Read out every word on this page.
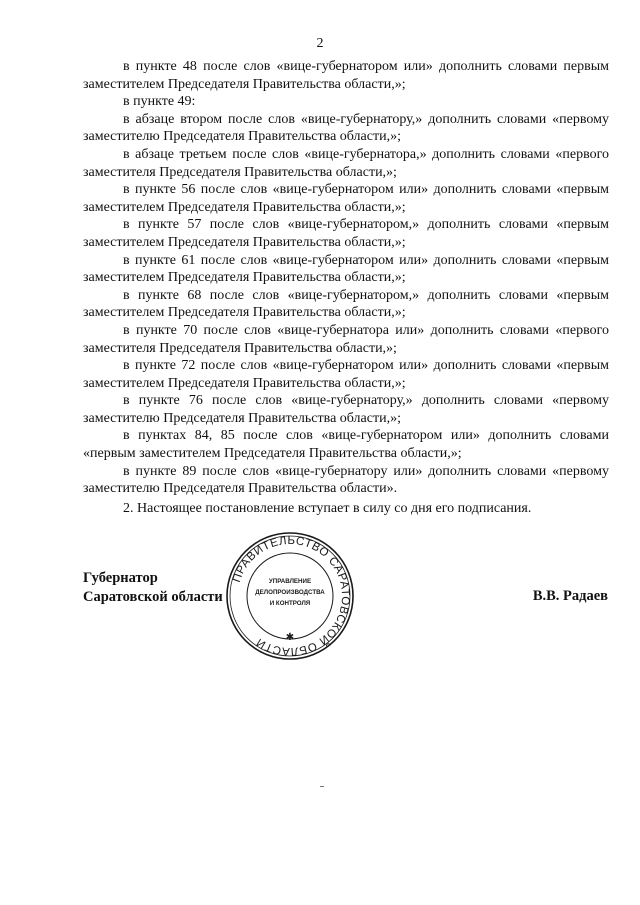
2

в пункте 48 после слов «вице-губернатором или» дополнить словами первым заместителем Председателя Правительства области,»;

в пункте 49:

в абзаце втором после слов «вице-губернатору,» дополнить словами «первому заместителю Председателя Правительства области,»;

в абзаце третьем после слов «вице-губернатора,» дополнить словами «первого заместителя Председателя Правительства области,»;

в пункте 56 после слов «вице-губернатором или» дополнить словами «первым заместителем Председателя Правительства области,»;

в пункте 57 после слов «вице-губернатором,» дополнить словами «первым заместителем Председателя Правительства области,»;

в пункте 61 после слов «вице-губернатором или» дополнить словами «первым заместителем Председателя Правительства области,»;

в пункте 68 после слов «вице-губернатором,» дополнить словами «первым заместителем Председателя Правительства области,»;

в пункте 70 после слов «вице-губернатора или» дополнить словами «первого заместителя Председателя Правительства области,»;

в пункте 72 после слов «вице-губернатором или» дополнить словами «первым заместителем Председателя Правительства области,»;

в пункте 76 после слов «вице-губернатору,» дополнить словами «первому заместителю Председателя Правительства области,»;

в пунктах 84, 85 после слов «вице-губернатором или» дополнить словами «первым заместителем Председателя Правительства области,»;

в пункте 89 после слов «вице-губернатору или» дополнить словами «первому заместителю Председателя Правительства области».

2. Настоящее постановление вступает в силу со дня его подписания.

Губернатор
Саратовской области	В.В. Радаев
ПРАВИТЕЛЬСТВО САРАТОВСКОЙ ОБЛАСТИ
УПРАВЛЕНИЕ
ДЕЛОПРОИЗВОДСТВА
И КОНТРОЛЯ
✱
